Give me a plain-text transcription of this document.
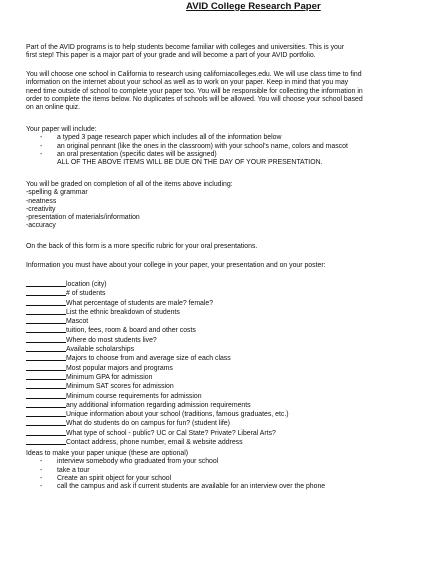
AVID College Research Paper
Part of the AVID programs is to help students become familiar with colleges and universities. This is your
first step! This paper is a major part of your grade and will become a part of your AVID portfolio.
You will choose one school in California to research using californiacolleges.edu. We will use class time to find
information on the internet about your school as well as to work on your paper. Keep in mind that you may
need time outside of school to complete your paper too. You will be responsible for collecting the information in
order to complete the items below. No duplicates of schools will be allowed. You will choose your school based
on an online quiz.
Your paper will include:
- a typed 3 page research paper which includes all of the information below
- an original pennant (like the ones in the classroom) with your school's name, colors and mascot
- an oral presentation (specific dates will be assigned)
ALL OF THE ABOVE ITEMS WILL BE DUE ON THE DAY OF YOUR PRESENTATION.
You will be graded on completion of all of the items above including:
-spelling & grammar
-neatness
-creativity
-presentation of materials/information
-accuracy
On the back of this form is a more specific rubric for your oral presentations.
Information you must have about your college in your paper, your presentation and on your poster:
location (city)
# of students
What percentage of students are male? female?
List the ethnic breakdown of students
Mascot
tuition, fees, room & board and other costs
Where do most students live?
Available scholarships
Majors to choose from and average size of each class
Most popular majors and programs
Minimum GPA for admission
Minimum SAT scores for admission
Minimum course requirements for admission
any additional information regarding admission requirements
Unique information about your school (traditions, famous graduates, etc.)
What do students do on campus for fun? (student life)
What type of school - public? UC or Cal State? Private? Liberal Arts?
Contact address, phone number, email & website address
Ideas to make your paper unique (these are optional)
- interview somebody who graduated from your school
- take a tour
- Create an spirit object for your school
- call the campus and ask if current students are available for an interview over the phone
